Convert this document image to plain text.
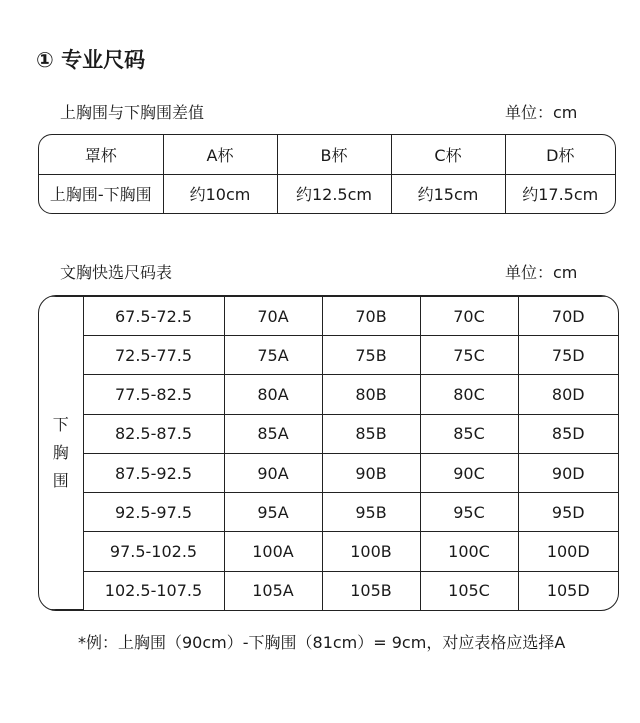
① 专业尺码
上胸围与下胸围差值	单位：cm
罩杯	A杯	B杯	C杯	D杯
上胸围-下胸围	约10cm	约12.5cm	约15cm	约17.5cm
文胸快选尺码表	单位：cm
下
胸
围	67.5-72.5	70A	70B	70C	70D
	72.5-77.5	75A	75B	75C	75D
	77.5-82.5	80A	80B	80C	80D
	82.5-87.5	85A	85B	85C	85D
	87.5-92.5	90A	90B	90C	90D
	92.5-97.5	95A	95B	95C	95D
	97.5-102.5	100A	100B	100C	100D
	102.5-107.5	105A	105B	105C	105D
*例：上胸围（90cm）-下胸围（81cm）= 9cm，对应表格应选择A
